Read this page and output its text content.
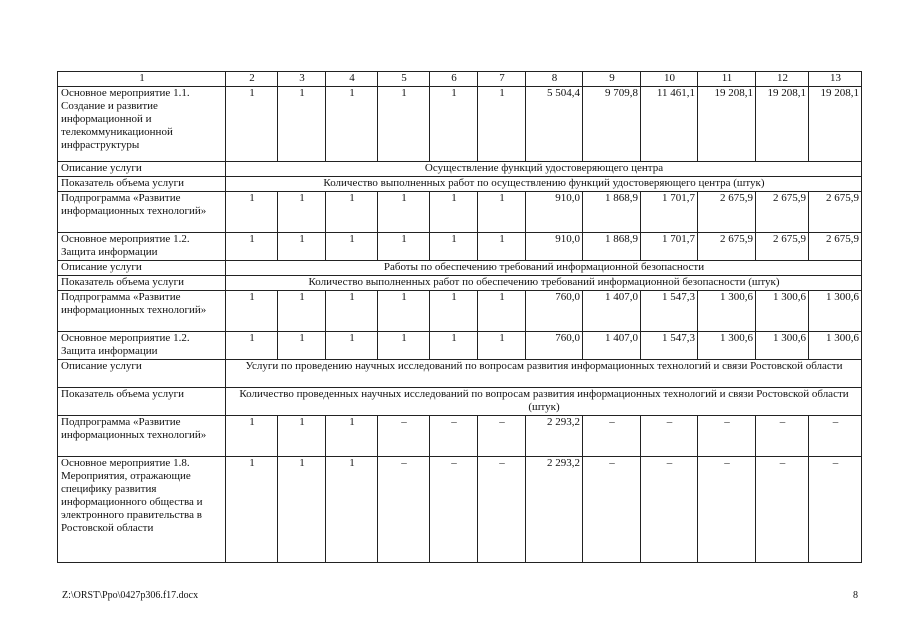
1	2	3	4	5	6	7	8	9	10	11	12	13
Основное мероприятие 1.1. Создание и развитие информационной и телекоммуникационной инфраструктуры	1	1	1	1	1	1	5 504,4	9 709,8	11 461,1	19 208,1	19 208,1	19 208,1
Описание услуги	Осуществление функций удостоверяющего центра											
Показатель объема услуги	Количество выполненных работ по осуществлению функций удостоверяющего центра (штук)											
Подпрограмма «Развитие информационных технологий»	1	1	1	1	1	1	910,0	1 868,9	1 701,7	2 675,9	2 675,9	2 675,9
Основное мероприятие 1.2. Защита информации	1	1	1	1	1	1	910,0	1 868,9	1 701,7	2 675,9	2 675,9	2 675,9
Описание услуги	Работы по обеспечению требований информационной безопасности											
Показатель объема услуги	Количество выполненных работ по обеспечению требований информационной безопасности (штук)											
Подпрограмма «Развитие информационных технологий»	1	1	1	1	1	1	760,0	1 407,0	1 547,3	1 300,6	1 300,6	1 300,6
Основное мероприятие 1.2. Защита информации	1	1	1	1	1	1	760,0	1 407,0	1 547,3	1 300,6	1 300,6	1 300,6
Описание услуги	Услуги по проведению научных исследований по вопросам развития информационных технологий и связи Ростовской области											
Показатель объема услуги	Количество проведенных научных исследований по вопросам развития информационных технологий и связи Ростовской области (штук)											
Подпрограмма «Развитие информационных технологий»	1	1	1	–	–	–	2 293,2	–	–	–	–	–
Основное мероприятие 1.8. Мероприятия, отражающие специфику развития информационного общества и электронного правительства в Ростовской области	1	1	1	–	–	–	2 293,2	–	–	–	–	–
Z:\ORST\Ppo\0427p306.f17.docx	8
